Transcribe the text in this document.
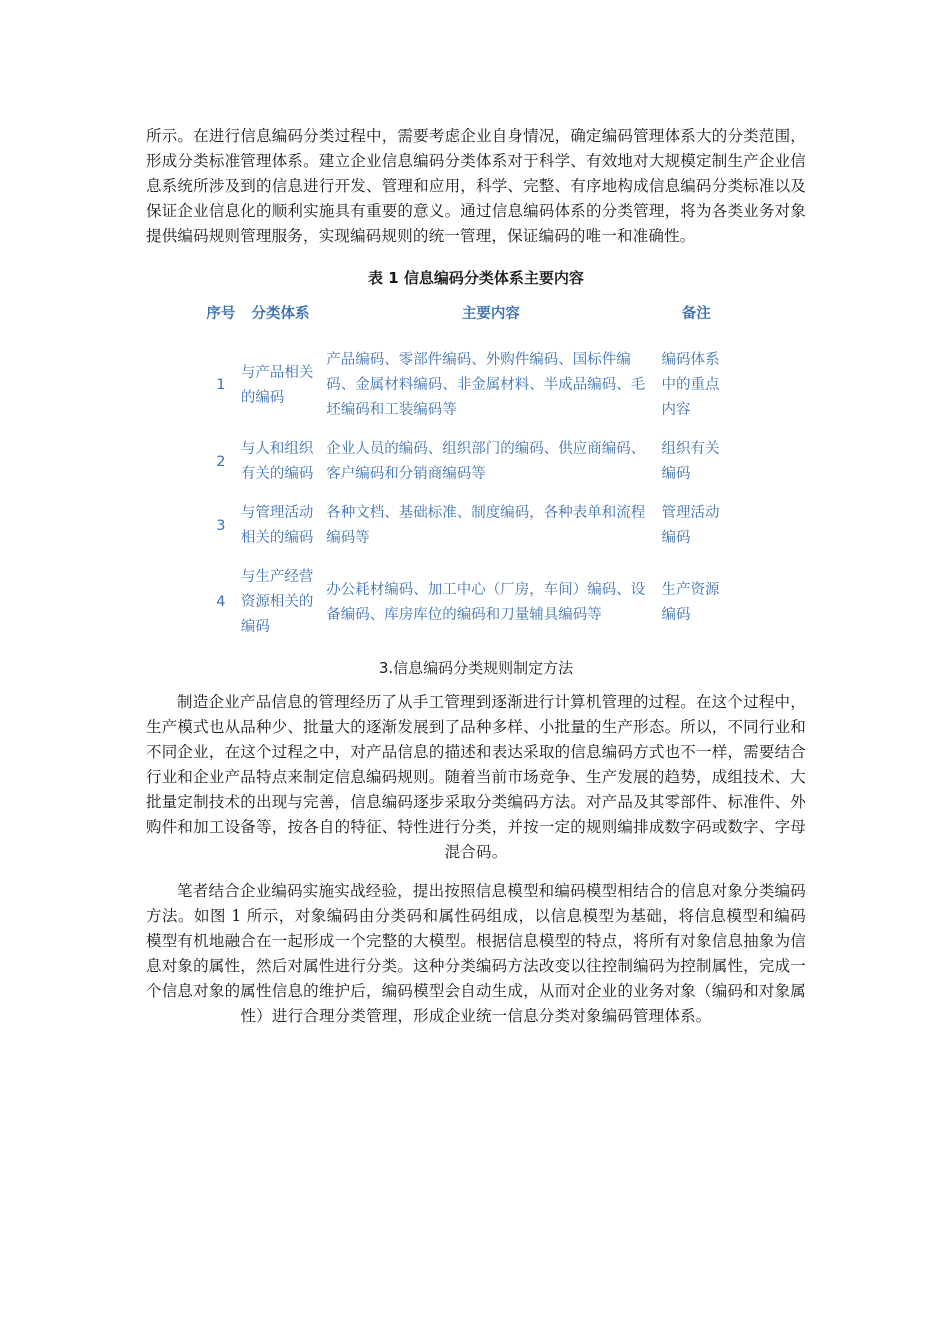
所示。在进行信息编码分类过程中，需要考虑企业自身情况，确定编码管理体系大的分类范围，形成分类标准管理体系。建立企业信息编码分类体系对于科学、有效地对大规模定制生产企业信息系统所涉及到的信息进行开发、管理和应用，科学、完整、有序地构成信息编码分类标准以及保证企业信息化的顺利实施具有重要的意义。通过信息编码体系的分类管理，将为各类业务对象提供编码规则管理服务，实现编码规则的统一管理，保证编码的唯一和准确性。

表 1 信息编码分类体系主要内容
序号	分类体系	主要内容	备注
1	与产品相关的编码	产品编码、零部件编码、外购件编码、国标件编码、金属材料编码、非金属材料、半成品编码、毛坯编码和工装编码等	编码体系中的重点内容
2	与人和组织有关的编码	企业人员的编码、组织部门的编码、供应商编码、客户编码和分销商编码等	组织有关编码
3	与管理活动相关的编码	各种文档、基础标准、制度编码，各种表单和流程编码等	管理活动编码
4	与生产经营资源相关的编码	办公耗材编码、加工中心（厂房，车间）编码、设备编码、库房库位的编码和刀量辅具编码等	生产资源编码
3.信息编码分类规则制定方法

制造企业产品信息的管理经历了从手工管理到逐渐进行计算机管理的过程。在这个过程中，生产模式也从品种少、批量大的逐渐发展到了品种多样、小批量的生产形态。所以，不同行业和不同企业，在这个过程之中，对产品信息的描述和表达采取的信息编码方式也不一样，需要结合行业和企业产品特点来制定信息编码规则。随着当前市场竞争、生产发展的趋势，成组技术、大批量定制技术的出现与完善，信息编码逐步采取分类编码方法。对产品及其零部件、标准件、外购件和加工设备等，按各自的特征、特性进行分类，并按一定的规则编排成数字码或数字、字母混合码。

笔者结合企业编码实施实战经验，提出按照信息模型和编码模型相结合的信息对象分类编码方法。如图 1 所示，对象编码由分类码和属性码组成，以信息模型为基础，将信息模型和编码模型有机地融合在一起形成一个完整的大模型。根据信息模型的特点，将所有对象信息抽象为信息对象的属性，然后对属性进行分类。这种分类编码方法改变以往控制编码为控制属性，完成一个信息对象的属性信息的维护后，编码模型会自动生成，从而对企业的业务对象（编码和对象属性）进行合理分类管理，形成企业统一信息分类对象编码管理体系。
